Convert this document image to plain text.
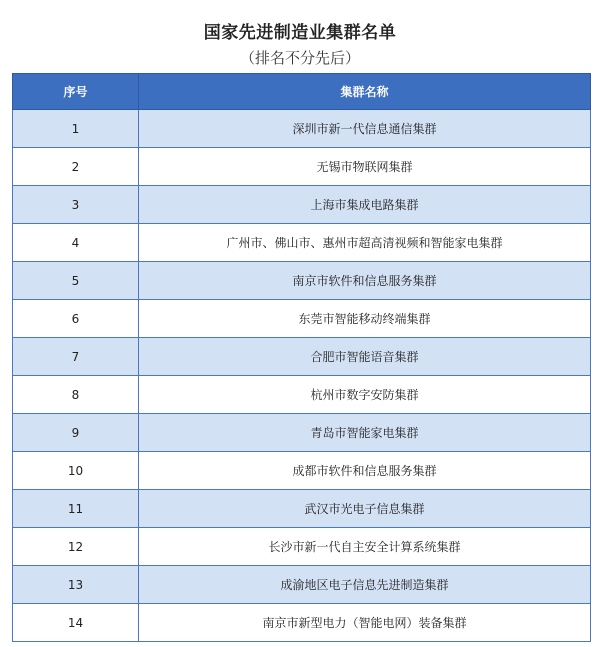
国家先进制造业集群名单
（排名不分先后）
序号	集群名称
1	深圳市新一代信息通信集群
2	无锡市物联网集群
3	上海市集成电路集群
4	广州市、佛山市、惠州市超高清视频和智能家电集群
5	南京市软件和信息服务集群
6	东莞市智能移动终端集群
7	合肥市智能语音集群
8	杭州市数字安防集群
9	青岛市智能家电集群
10	成都市软件和信息服务集群
11	武汉市光电子信息集群
12	长沙市新一代自主安全计算系统集群
13	成渝地区电子信息先进制造集群
14	南京市新型电力（智能电网）装备集群
